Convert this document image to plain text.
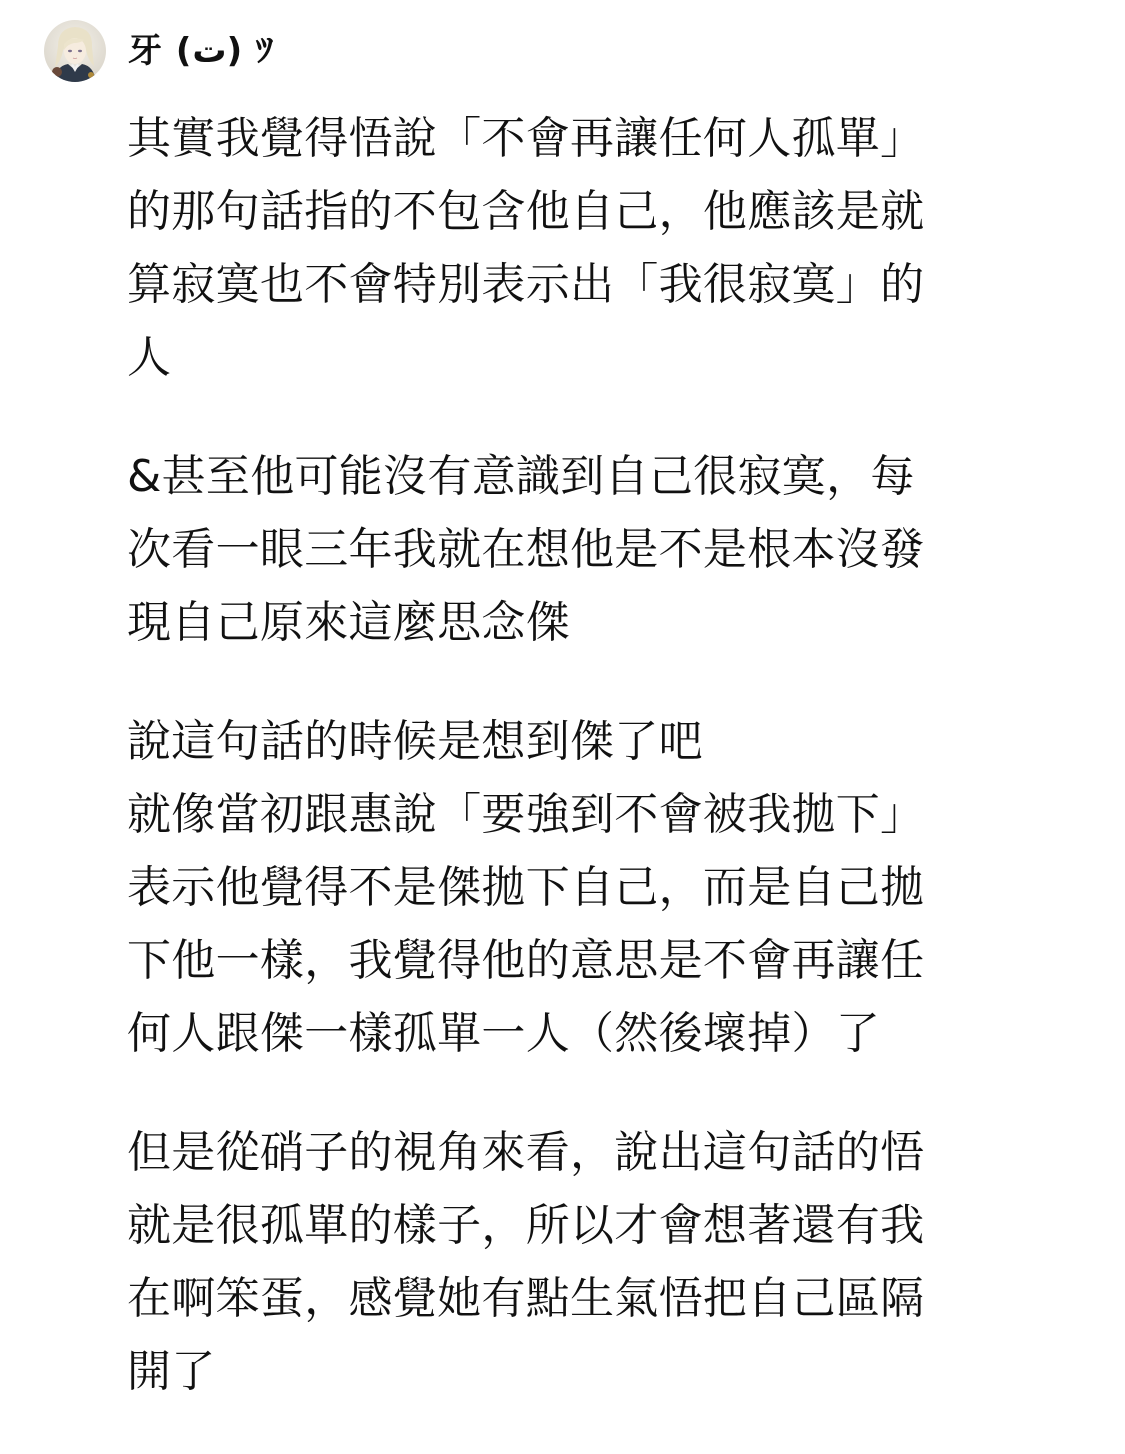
牙 (ت) ﾂ
其實我覺得悟說「不會再讓任何人孤單」
的那句話指的不包含他自己，他應該是就
算寂寞也不會特別表示出「我很寂寞」的
人
&甚至他可能沒有意識到自己很寂寞，每
次看一眼三年我就在想他是不是根本沒發
現自己原來這麼思念傑
說這句話的時候是想到傑了吧
就像當初跟惠說「要強到不會被我拋下」
表示他覺得不是傑拋下自己，而是自己拋
下他一樣，我覺得他的意思是不會再讓任
何人跟傑一樣孤單一人（然後壞掉）了
但是從硝子的視角來看，說出這句話的悟
就是很孤單的樣子，所以才會想著還有我
在啊笨蛋，感覺她有點生氣悟把自己區隔
開了
